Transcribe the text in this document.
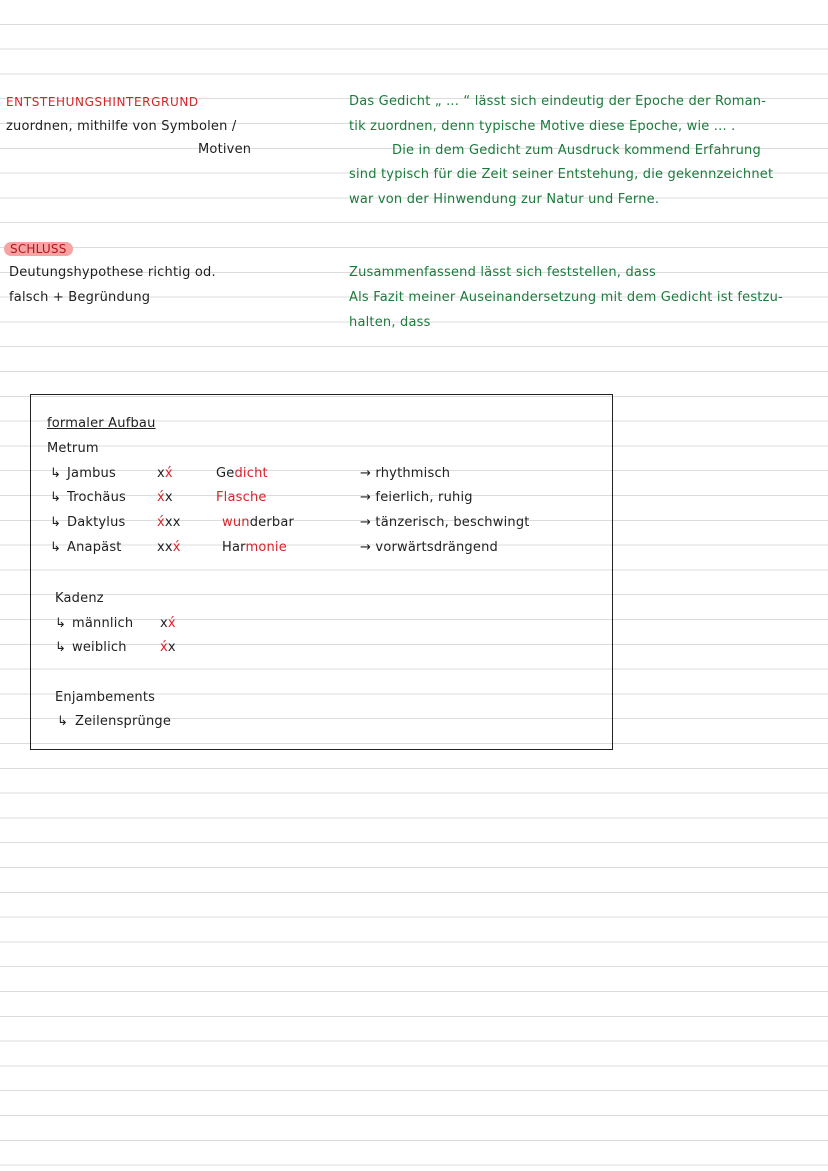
ENTSTEHUNGSHINTERGRUND
zuordnen, mithilfe von Symbolen /
Motiven
Das Gedicht „ ... “ lässt sich eindeutig der Epoche der Roman-
tik zuordnen, denn typische Motive diese Epoche, wie ... .
Die in dem Gedicht zum Ausdruck kommend Erfahrung
sind typisch für die Zeit seiner Entstehung, die gekennzeichnet
war von der Hinwendung zur Natur und Ferne.
SCHLUSS
Deutungshypothese richtig od.
falsch + Begründung
Zusammenfassend lässt sich feststellen, dass
Als Fazit meiner Auseinandersetzung mit dem Gedicht ist festzu-
halten, dass
formaler Aufbau
Metrum
↳ Jambus	xx́	Gedicht	→ rhythmisch
↳ Trochäus x́x	Flasche	→ feierlich, ruhig
↳ Daktylus x́xx	wunderbar	→ tänzerisch, beschwingt
↳ Anapäst	xxx́	Harmonie	→ vorwärtsdrängend
Kadenz
↳ männlich xx́
↳ weiblich	x́x
Enjambements
↳ Zeilensprünge
